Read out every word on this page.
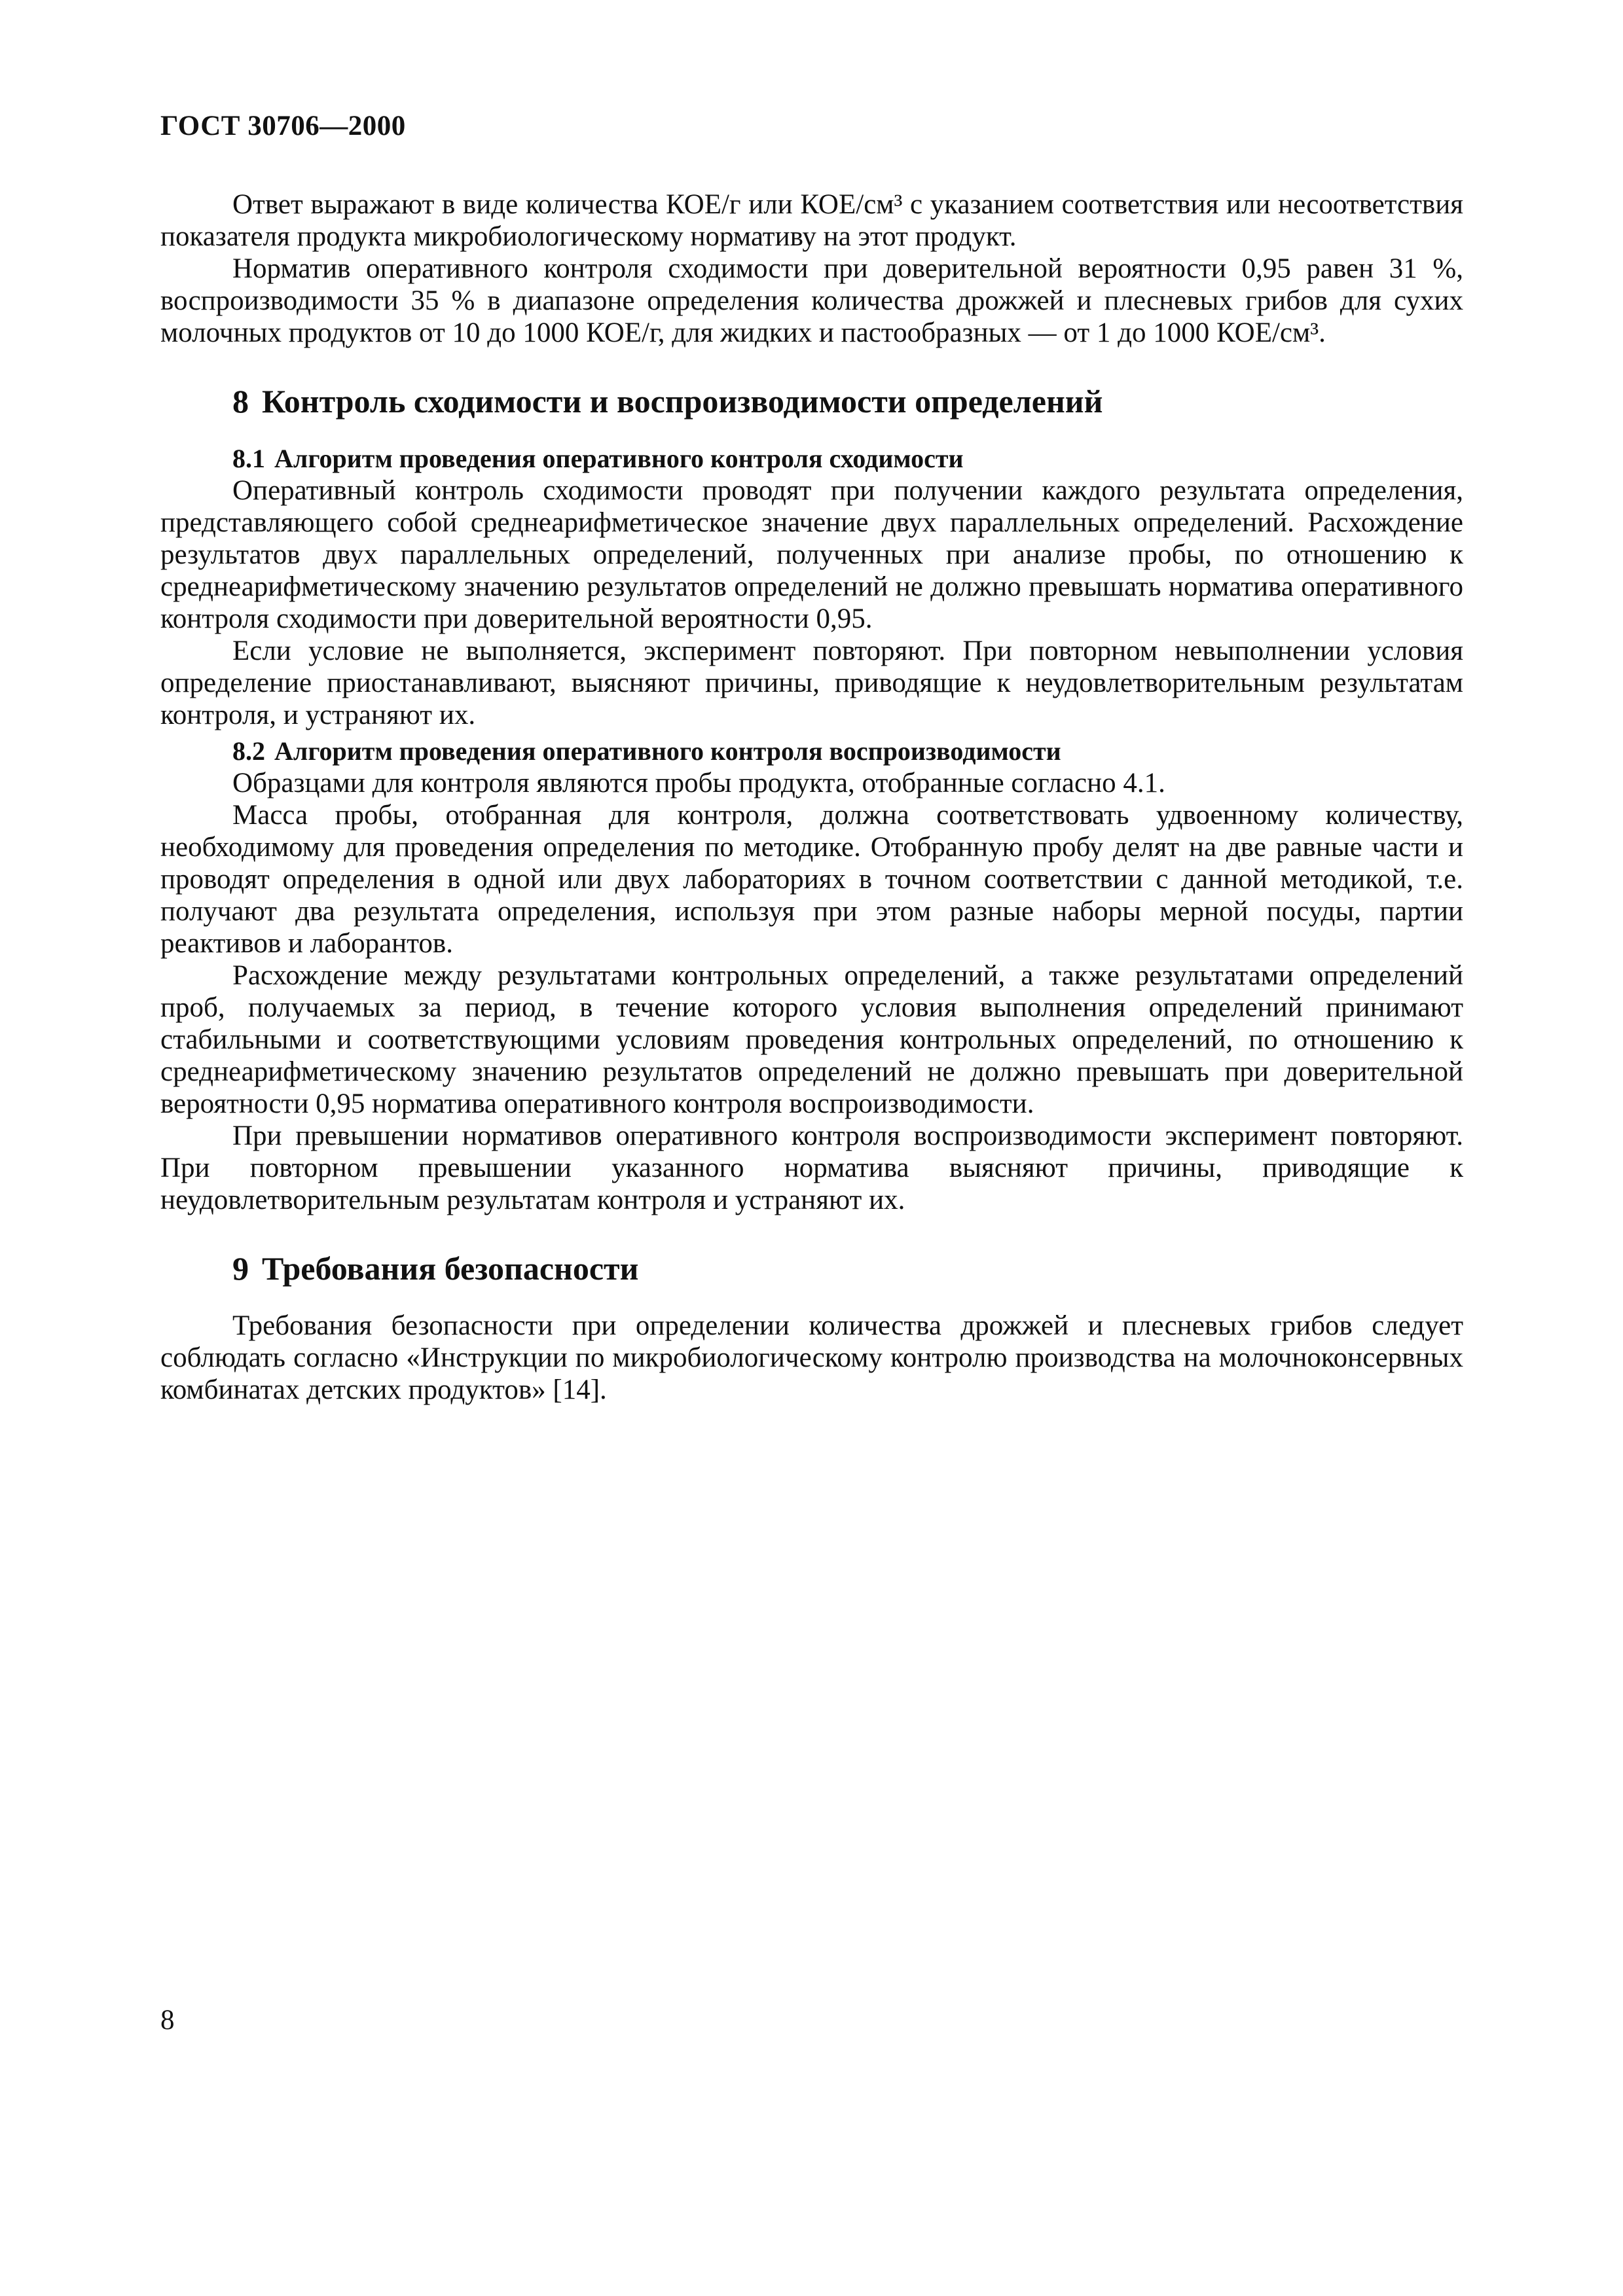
ГОСТ 30706—2000

Ответ выражают в виде количества КОЕ/г или КОЕ/см³ с указанием соответствия или несоответствия показателя продукта микробиологическому нормативу на этот продукт.

Норматив оперативного контроля сходимости при доверительной вероятности 0,95 равен 31 %, воспроизводимости 35 % в диапазоне определения количества дрожжей и плесневых грибов для сухих молочных продуктов от 10 до 1000 КОЕ/г, для жидких и пастообразных — от 1 до 1000 КОЕ/см³.

8 Контроль сходимости и воспроизводимости определений
8.1 Алгоритм проведения оперативного контроля сходимости

Оперативный контроль сходимости проводят при получении каждого результата определения, представляющего собой среднеарифметическое значение двух параллельных определений. Расхождение результатов двух параллельных определений, полученных при анализе пробы, по отношению к среднеарифметическому значению результатов определений не должно превышать норматива оперативного контроля сходимости при доверительной вероятности 0,95.

Если условие не выполняется, эксперимент повторяют. При повторном невыполнении условия определение приостанавливают, выясняют причины, приводящие к неудовлетворительным результатам контроля, и устраняют их.

8.2 Алгоритм проведения оперативного контроля воспроизводимости

Образцами для контроля являются пробы продукта, отобранные согласно 4.1.

Масса пробы, отобранная для контроля, должна соответствовать удвоенному количеству, необходимому для проведения определения по методике. Отобранную пробу делят на две равные части и проводят определения в одной или двух лабораториях в точном соответствии с данной методикой, т.е. получают два результата определения, используя при этом разные наборы мерной посуды, партии реактивов и лаборантов.

Расхождение между результатами контрольных определений, а также результатами определений проб, получаемых за период, в течение которого условия выполнения определений принимают стабильными и соответствующими условиям проведения контрольных определений, по отношению к среднеарифметическому значению результатов определений не должно превышать при доверительной вероятности 0,95 норматива оперативного контроля воспроизводимости.

При превышении нормативов оперативного контроля воспроизводимости эксперимент повторяют. При повторном превышении указанного норматива выясняют причины, приводящие к неудовлетворительным результатам контроля и устраняют их.

9 Требования безопасности

Требования безопасности при определении количества дрожжей и плесневых грибов следует соблюдать согласно «Инструкции по микробиологическому контролю производства на молочноконсервных комбинатах детских продуктов» [14].

8
